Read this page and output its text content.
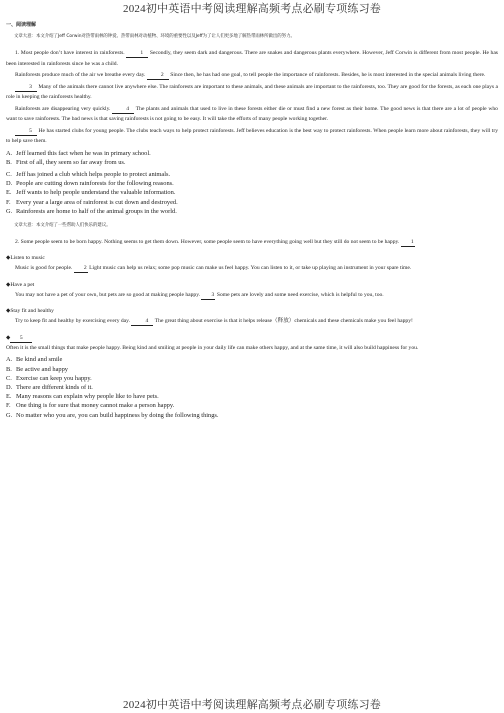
2024初中英语中考阅读理解高频考点必刷专项练习卷
一、阅读理解
文章大意：本文介绍了Jeff Corwin对热带雨林的钟爱、热带雨林对动植物、环境的重要性以及Jeff为了让人们更多地了解热带雨林所做出的努力。

1. Most people don’t have interest in rainforests.	1 Secondly, they seem dark and dangerous. There are snakes and dangerous plants everywhere. However, Jeff Corwin is different from most people. He has been interested in rainforests since he was a child.

Rainforests produce much of the air we breathe every day.	2 Since then, he has had one goal, to tell people the importance of rainforests. Besides, he is most interested in the special animals living there.

3 Many of the animals there cannot live anywhere else. The rainforests are important to these animals, and these animals are important to the rainforests, too. They are good for the forests, as each one plays a role in keeping the rainforests healthy.

Rainforests are disappearing very quickly.	4 The plants and animals that used to live in these forests either die or must find a new forest as their home. The good news is that there are a lot of people who want to save rainforests. The bad news is that saving rainforests is not going to be easy. It will take the efforts of many people working together.

5 He has started clubs for young people. The clubs teach ways to help protect rainforests. Jeff believes education is the best way to protect rainforests. When people learn more about rainforests, they will try to help save them.

A. Jeff learned this fact when he was in primary school.
B. First of all, they seem so far away from us.
C. Jeff has joined a club which helps people to protect animals.
D. People are cutting down rainforests for the following reasons.
E. Jeff wants to help people understand the valuable information.
F. Every year a large area of rainforest is cut down and destroyed.
G. Rainforests are home to half of the animal groups in the world.
文章大意：本文介绍了一些帮助人们快乐的建议。

2. Some people seem to be born happy. Nothing seems to get them down. However, some people seem to have everything going well but they still do not seem to be happy. 1

◆Listen to music

Music is good for people. 2 Light music can help us relax; some pop music can make us feel happy. You can listen to it, or take up playing an instrument in your spare time.

◆Have a pet

You may not have a pet of your own, but pets are so good at making people happy. 3 Some pets are lovely and some need exercise, which is helpful to you, too.

◆Stay fit and healthy

Try to keep fit and healthy by exercising every day.	4 The great thing about exercise is that it helps release（释放）chemicals and these chemicals make you feel happy!

◆ 5

Often it is the small things that make people happy. Being kind and smiling at people in your daily life can make others happy, and at the same time, it will also build happiness for you.

A. Be kind and smile
B. Be active and happy
C. Exercise can keep you happy.
D. There are different kinds of it.
E. Many reasons can explain why people like to have pets.
F. One thing is for sure that money cannot make a person happy.
G. No matter who you are, you can build happiness by doing the following things.
2024初中英语中考阅读理解高频考点必刷专项练习卷
